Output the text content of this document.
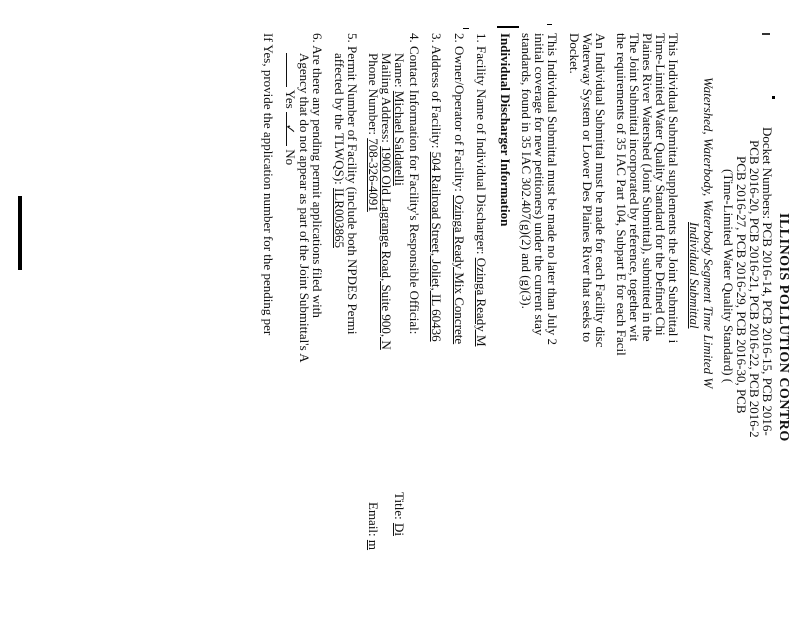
ILLINOIS POLLUTION CONTRO
Docket Numbers: PCB 2016-14, PCB 2016-15, PCB 2016-
PCB 2016-20, PCB 2016-21, PCB 2016-22, PCB 2016-2
PCB 2016-27, PCB 2016-29, PCB 2016-30, PCB
(Time-Limited Water Quality Standard) (
Watershed, Waterbody, Waterbody Segment Time Limited W
Individual Submittal
This Individual Submittal supplements the Joint Submittal i
Time-Limited Water Quality Standard for the Defined Chi
Plaines River Watershed (Joint Submittal), submitted in the
The Joint Submittal incorporated by reference, together wit
the requirements of 35 IAC Part 104, Subpart E for each Facil
An Individual Submittal must be made for each Facility disc
Waterway System or Lower Des Plaines River that seeks to
Docket.
This Individual Submittal must be made no later than July 2
initial coverage for new petitioners) under the current stay
standards, found in 35 IAC 302.407(g)(2) and (g)(3).
Individual Discharger Information
1. Facility Name of Individual Discharger: Ozinga Ready M
2. Owner/Operator of Facility: Ozinga Ready Mix Concrete
3. Address of Facility: 504 Railroad Street, Joliet, IL 60436
4. Contact Information for Facility's Responsible Official:
Name: Michael Saldatelli
Title: Di
Mailing Address: 1900 Old Lagrange Road, Suite 900, N
Phone Number: 708-326-4091
Email: m
5. Permit Number of Facility (include both NPDES Permi
affected by the TLWQS): ILR003865
6. Are there any pending permit applications filed with
Agency that do not appear as part of the Joint Submittal's A
Yes ✓ No
If Yes, provide the application number for the pending per
